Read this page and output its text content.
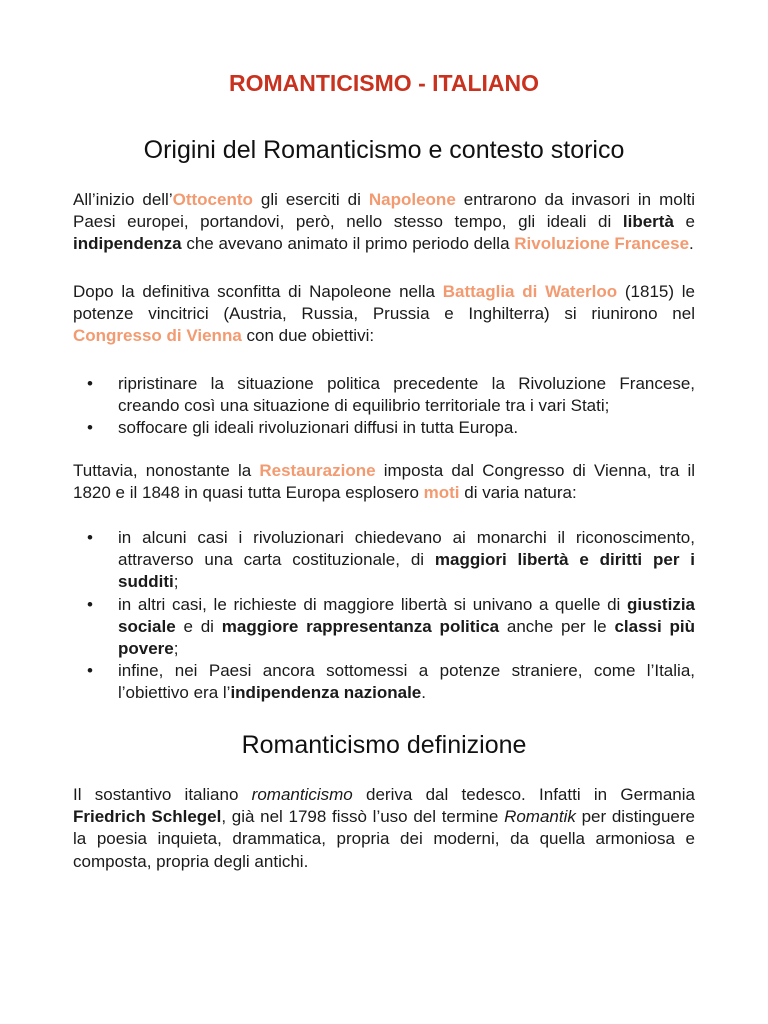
ROMANTICISMO - ITALIANO
Origini del Romanticismo e contesto storico

All’inizio dell’Ottocento gli eserciti di Napoleone entrarono da invasori in molti Paesi europei, portandovi, però, nello stesso tempo, gli ideali di libertà e indipendenza che avevano animato il primo periodo della Rivoluzione Francese.

Dopo la definitiva sconfitta di Napoleone nella Battaglia di Waterloo (1815) le potenze vincitrici (Austria, Russia, Prussia e Inghilterra) si riunirono nel Congresso di Vienna con due obiettivi:

• ripristinare la situazione politica precedente la Rivoluzione Francese, creando così una situazione di equilibrio territoriale tra i vari Stati;
• soffocare gli ideali rivoluzionari diffusi in tutta Europa.

Tuttavia, nonostante la Restaurazione imposta dal Congresso di Vienna, tra il 1820 e il 1848 in quasi tutta Europa esplosero moti di varia natura:

• in alcuni casi i rivoluzionari chiedevano ai monarchi il riconoscimento, attraverso una carta costituzionale, di maggiori libertà e diritti per i sudditi;
• in altri casi, le richieste di maggiore libertà si univano a quelle di giustizia sociale e di maggiore rappresentanza politica anche per le classi più povere;
• infine, nei Paesi ancora sottomessi a potenze straniere, come l’Italia, l’obiettivo era l’indipendenza nazionale.
Romanticismo definizione

Il sostantivo italiano romanticismo deriva dal tedesco. Infatti in Germania Friedrich Schlegel, già nel 1798 fissò l’uso del termine Romantik per distinguere la poesia inquieta, drammatica, propria dei moderni, da quella armoniosa e composta, propria degli antichi.
